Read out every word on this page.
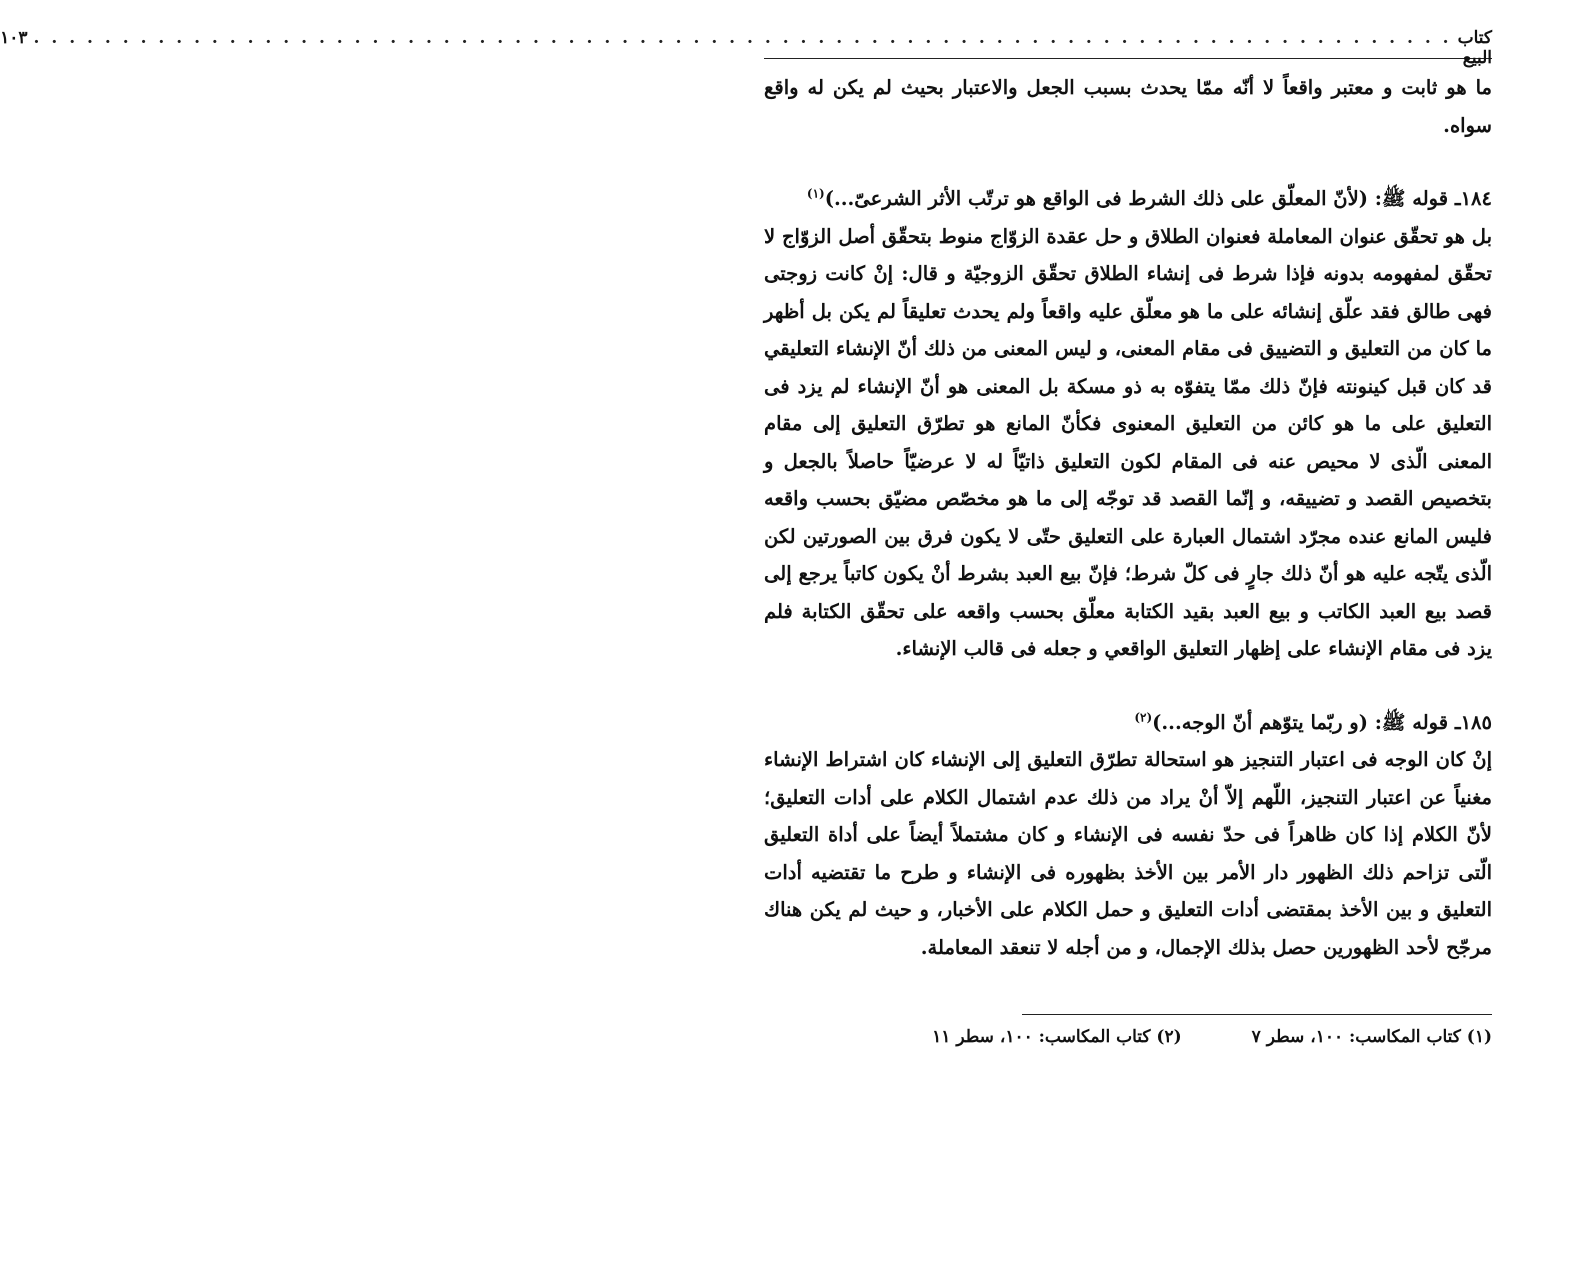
كتاب البيع
. . . . . . . . . . . . . . . . . . . . . . . . . . . . . . . . . . . . . . . . . . . . . . . . . . . . . . . . . . . . . . . . . . . . . . . . . . . . . . . .
١٠٣

ما هو ثابت و معتبر واقعاً لا أنّه ممّا يحدث بسبب الجعل والاعتبار بحيث لم يكن له واقع سواه.

١٨٤ـ قوله ﷺ: (لأنّ المعلّق على ذلك الشرط فى الواقع هو ترتّب الأثر الشرعىّ...)$^{(١)}$

بل هو تحقّق عنوان المعاملة فعنوان الطلاق و حل عقدة الزوّاج منوط بتحقّق أصل الزوّاج لا تحقّق لمفهومه بدونه فإذا شرط فى إنشاء الطلاق تحقّق الزوجيّة و قال: إنْ كانت زوجتى فهى طالق فقد علّق إنشائه على ما هو معلّق عليه واقعاً ولم يحدث تعليقاً لم يكن بل أظهر ما كان من التعليق و التضييق فى مقام المعنى، و ليس المعنى من ذلك أنّ الإنشاء التعليقي قد كان قبل كينونته فإنّ ذلك ممّا يتفوّه به ذو مسكة بل المعنى هو أنّ الإنشاء لم يزد فى التعليق على ما هو كائن من التعليق المعنوى فكأنّ المانع هو تطرّق التعليق إلى مقام المعنى الّذى لا محيص عنه فى المقام لكون التعليق ذاتيّاً له لا عرضيّاً حاصلاً بالجعل و بتخصيص القصد و تضييقه، و إنّما القصد قد توجّه إلى ما هو مخصّص مضيّق بحسب واقعه فليس المانع عنده مجرّد اشتمال العبارة على التعليق حتّى لا يكون فرق بين الصورتين لكن الّذى يتّجه عليه هو أنّ ذلك جارٍ فى كلّ شرط؛ فإنّ بيع العبد بشرط أنْ يكون كاتباً يرجع إلى قصد بيع العبد الكاتب و بيع العبد بقيد الكتابة معلّق بحسب واقعه على تحقّق الكتابة فلم يزد فى مقام الإنشاء على إظهار التعليق الواقعي و جعله فى قالب الإنشاء.

١٨٥ـ قوله ﷺ: (و ربّما يتوّهم أنّ الوجه...)$^{(٢)}$

إنْ كان الوجه فى اعتبار التنجيز هو استحالة تطرّق التعليق إلى الإنشاء كان اشتراط الإنشاء مغنياً عن اعتبار التنجيز، اللّهم إلاّ أنْ يراد من ذلك عدم اشتمال الكلام على أدات التعليق؛ لأنّ الكلام إذا كان ظاهراً فى حدّ نفسه فى الإنشاء و كان مشتملاً أيضاً على أداة التعليق الّتى تزاحم ذلك الظهور دار الأمر بين الأخذ بظهوره فى الإنشاء و طرح ما تقتضيه أدات التعليق و بين الأخذ بمقتضى أدات التعليق و حمل الكلام على الأخبار، و حيث لم يكن هناك مرجّح لأحد الظهورين حصل بذلك الإجمال، و من أجله لا تنعقد المعاملة.

(١) كتاب المكاسب: ١٠٠، سطر ٧
(٢) كتاب المكاسب: ١٠٠، سطر ١١
